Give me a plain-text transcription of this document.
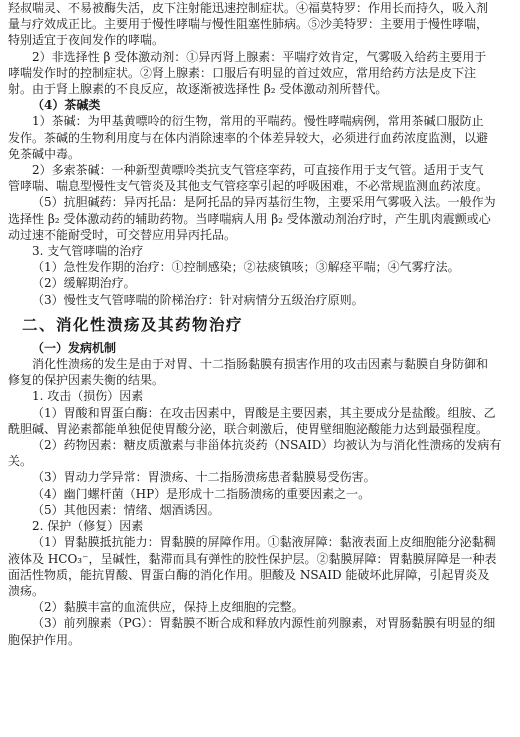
羟叔喘灵、不易被酶失活，皮下注射能迅速控制症状。④福莫特罗：作用长而持久，吸入剂

量与疗效成正比。主要用于慢性哮喘与慢性阻塞性肺病。⑤沙美特罗：主要用于慢性哮喘，

特别适宜于夜间发作的哮喘。

2）非选择性 β 受体激动剂：①异丙肾上腺素：平喘疗效肯定，气雾吸入给药主要用于

哮喘发作时的控制症状。②肾上腺素：口服后有明显的首过效应，常用给药方法是皮下注

射。由于肾上腺素的不良反应，故逐渐被选择性 β₂ 受体激动剂所替代。

（4）茶碱类

1）茶碱：为甲基黄嘌呤的衍生物，常用的平喘药。慢性哮喘病例，常用茶碱口服防止

发作。茶碱的生物利用度与在体内消除速率的个体差异较大，必须进行血药浓度监测，以避

免茶碱中毒。

2）多索茶碱：一种新型黄嘌呤类抗支气管痉挛药，可直接作用于支气管。适用于支气

管哮喘、喘息型慢性支气管炎及其他支气管痉挛引起的呼吸困难，不必常规监测血药浓度。

（5）抗胆碱药：异丙托品：是阿托品的异丙基衍生物，主要采用气雾吸入法。一般作为

选择性 β₂ 受体激动药的辅助药物。当哮喘病人用 β₂ 受体激动剂治疗时，产生肌肉震颤或心

动过速不能耐受时，可交替应用异丙托品。

3. 支气管哮喘的治疗

（1）急性发作期的治疗：①控制感染；②祛痰镇咳；③解痉平喘；④气雾疗法。

（2）缓解期治疗。

（3）慢性支气管哮喘的阶梯治疗：针对病情分五级治疗原则。

二、消化性溃疡及其药物治疗

（一）发病机制

消化性溃疡的发生是由于对胃、十二指肠黏膜有损害作用的攻击因素与黏膜自身防御和

修复的保护因素失衡的结果。

1. 攻击（损伤）因素

（1）胃酸和胃蛋白酶：在攻击因素中，胃酸是主要因素，其主要成分是盐酸。组胺、乙

酰胆碱、胃泌素都能单独促使胃酸分泌，联合刺激后，使胃壁细胞泌酸能力达到最强程度。

（2）药物因素：糖皮质激素与非甾体抗炎药（NSAID）均被认为与消化性溃疡的发病有

关。

（3）胃动力学异常：胃溃疡、十二指肠溃疡患者黏膜易受伤害。

（4）幽门螺杆菌（HP）是形成十二指肠溃疡的重要因素之一。

（5）其他因素：情绪、烟酒诱因。

2. 保护（修复）因素

（1）胃黏膜抵抗能力：胃黏膜的屏障作用。①黏液屏障：黏液表面上皮细胞能分泌黏稠

液体及 HCO₃⁻，呈碱性，黏滞而具有弹性的胶性保护层。②黏膜屏障：胃黏膜屏障是一种表

面活性物质，能抗胃酸、胃蛋白酶的消化作用。胆酸及 NSAID 能破坏此屏障，引起胃炎及

溃疡。

（2）黏膜丰富的血流供应，保持上皮细胞的完整。

（3）前列腺素（PG）：胃黏膜不断合成和释放内源性前列腺素，对胃肠黏膜有明显的细

胞保护作用。
